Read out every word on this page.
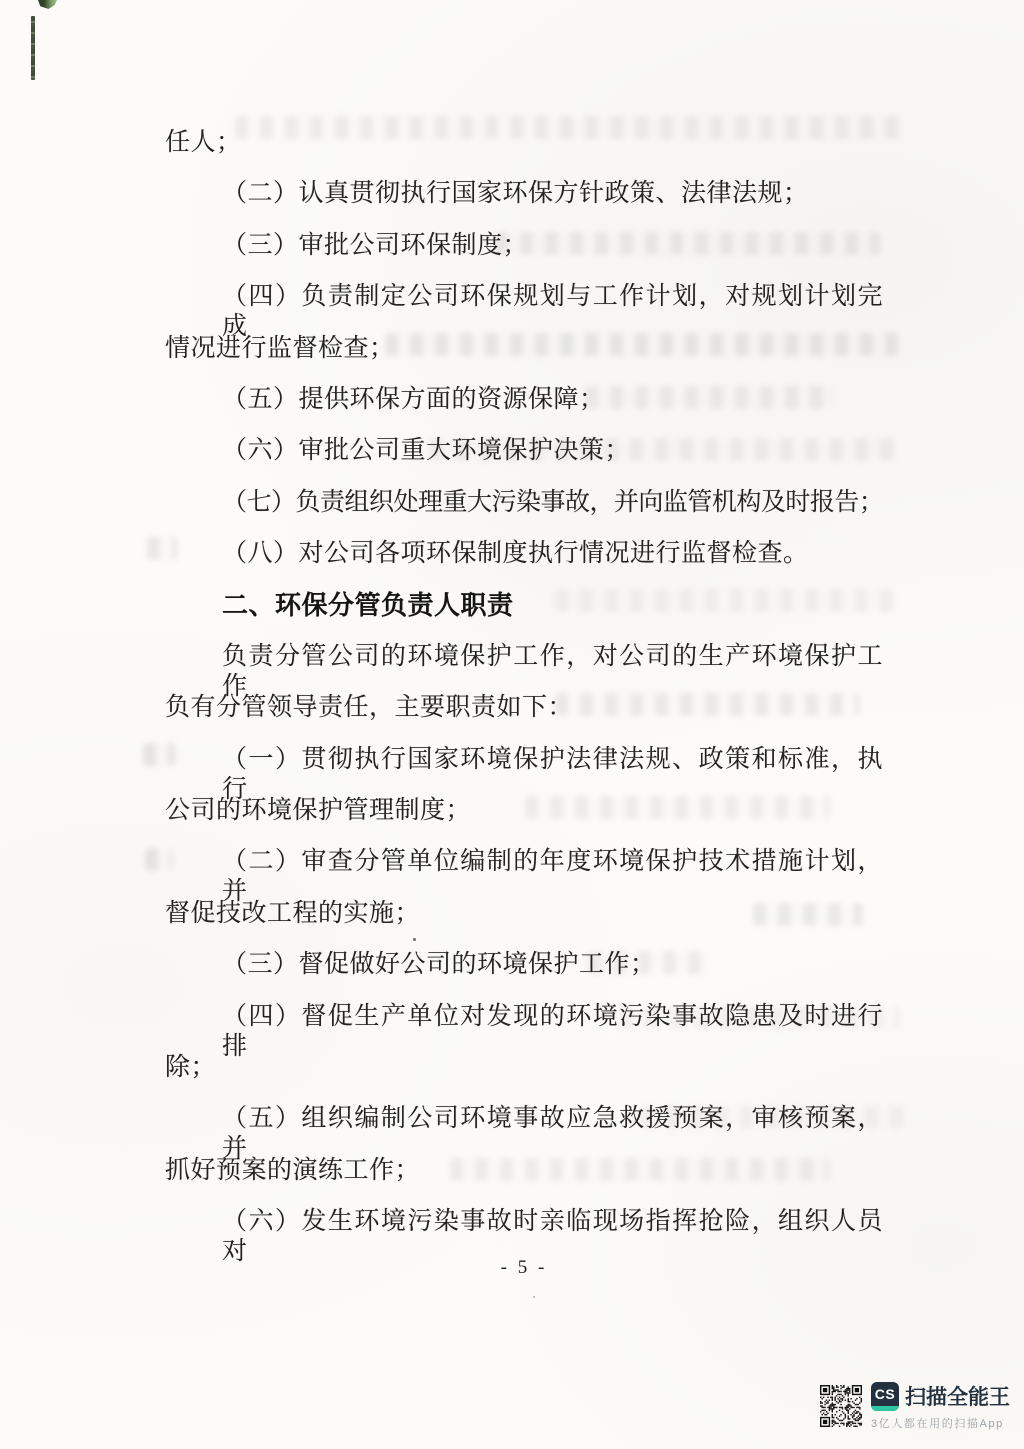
任人；
（二）认真贯彻执行国家环保方针政策、法律法规；
（三）审批公司环保制度；
（四）负责制定公司环保规划与工作计划，对规划计划完成
情况进行监督检查；
（五）提供环保方面的资源保障；
（六）审批公司重大环境保护决策；
（七）负责组织处理重大污染事故，并向监管机构及时报告；
（八）对公司各项环保制度执行情况进行监督检查。
二、环保分管负责人职责
负责分管公司的环境保护工作，对公司的生产环境保护工作
负有分管领导责任，主要职责如下：
（一）贯彻执行国家环境保护法律法规、政策和标准，执行
公司的环境保护管理制度；
（二）审查分管单位编制的年度环境保护技术措施计划，并
督促技改工程的实施；
（三）督促做好公司的环境保护工作；
（四）督促生产单位对发现的环境污染事故隐患及时进行排
除；
（五）组织编制公司环境事故应急救援预案，审核预案，并
抓好预案的演练工作；
（六）发生环境污染事故时亲临现场指挥抢险，组织人员对
- 5 -
CS 扫描全能王
3亿人都在用的扫描App
